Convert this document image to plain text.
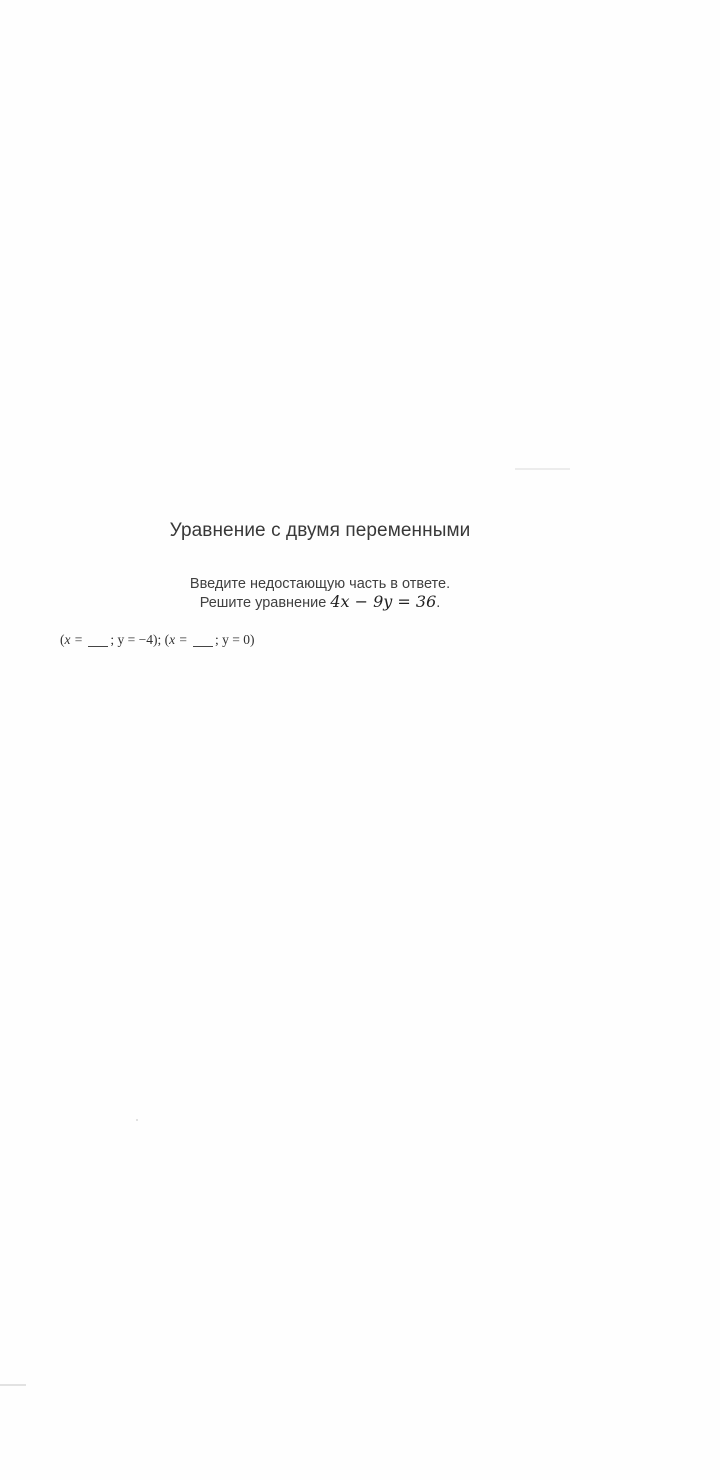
Уравнение с двумя переменными
Введите недостающую часть в ответе.
Решите уравнение 4x − 9y = 36.
(x = ; y = −4); (x = ; y = 0)
